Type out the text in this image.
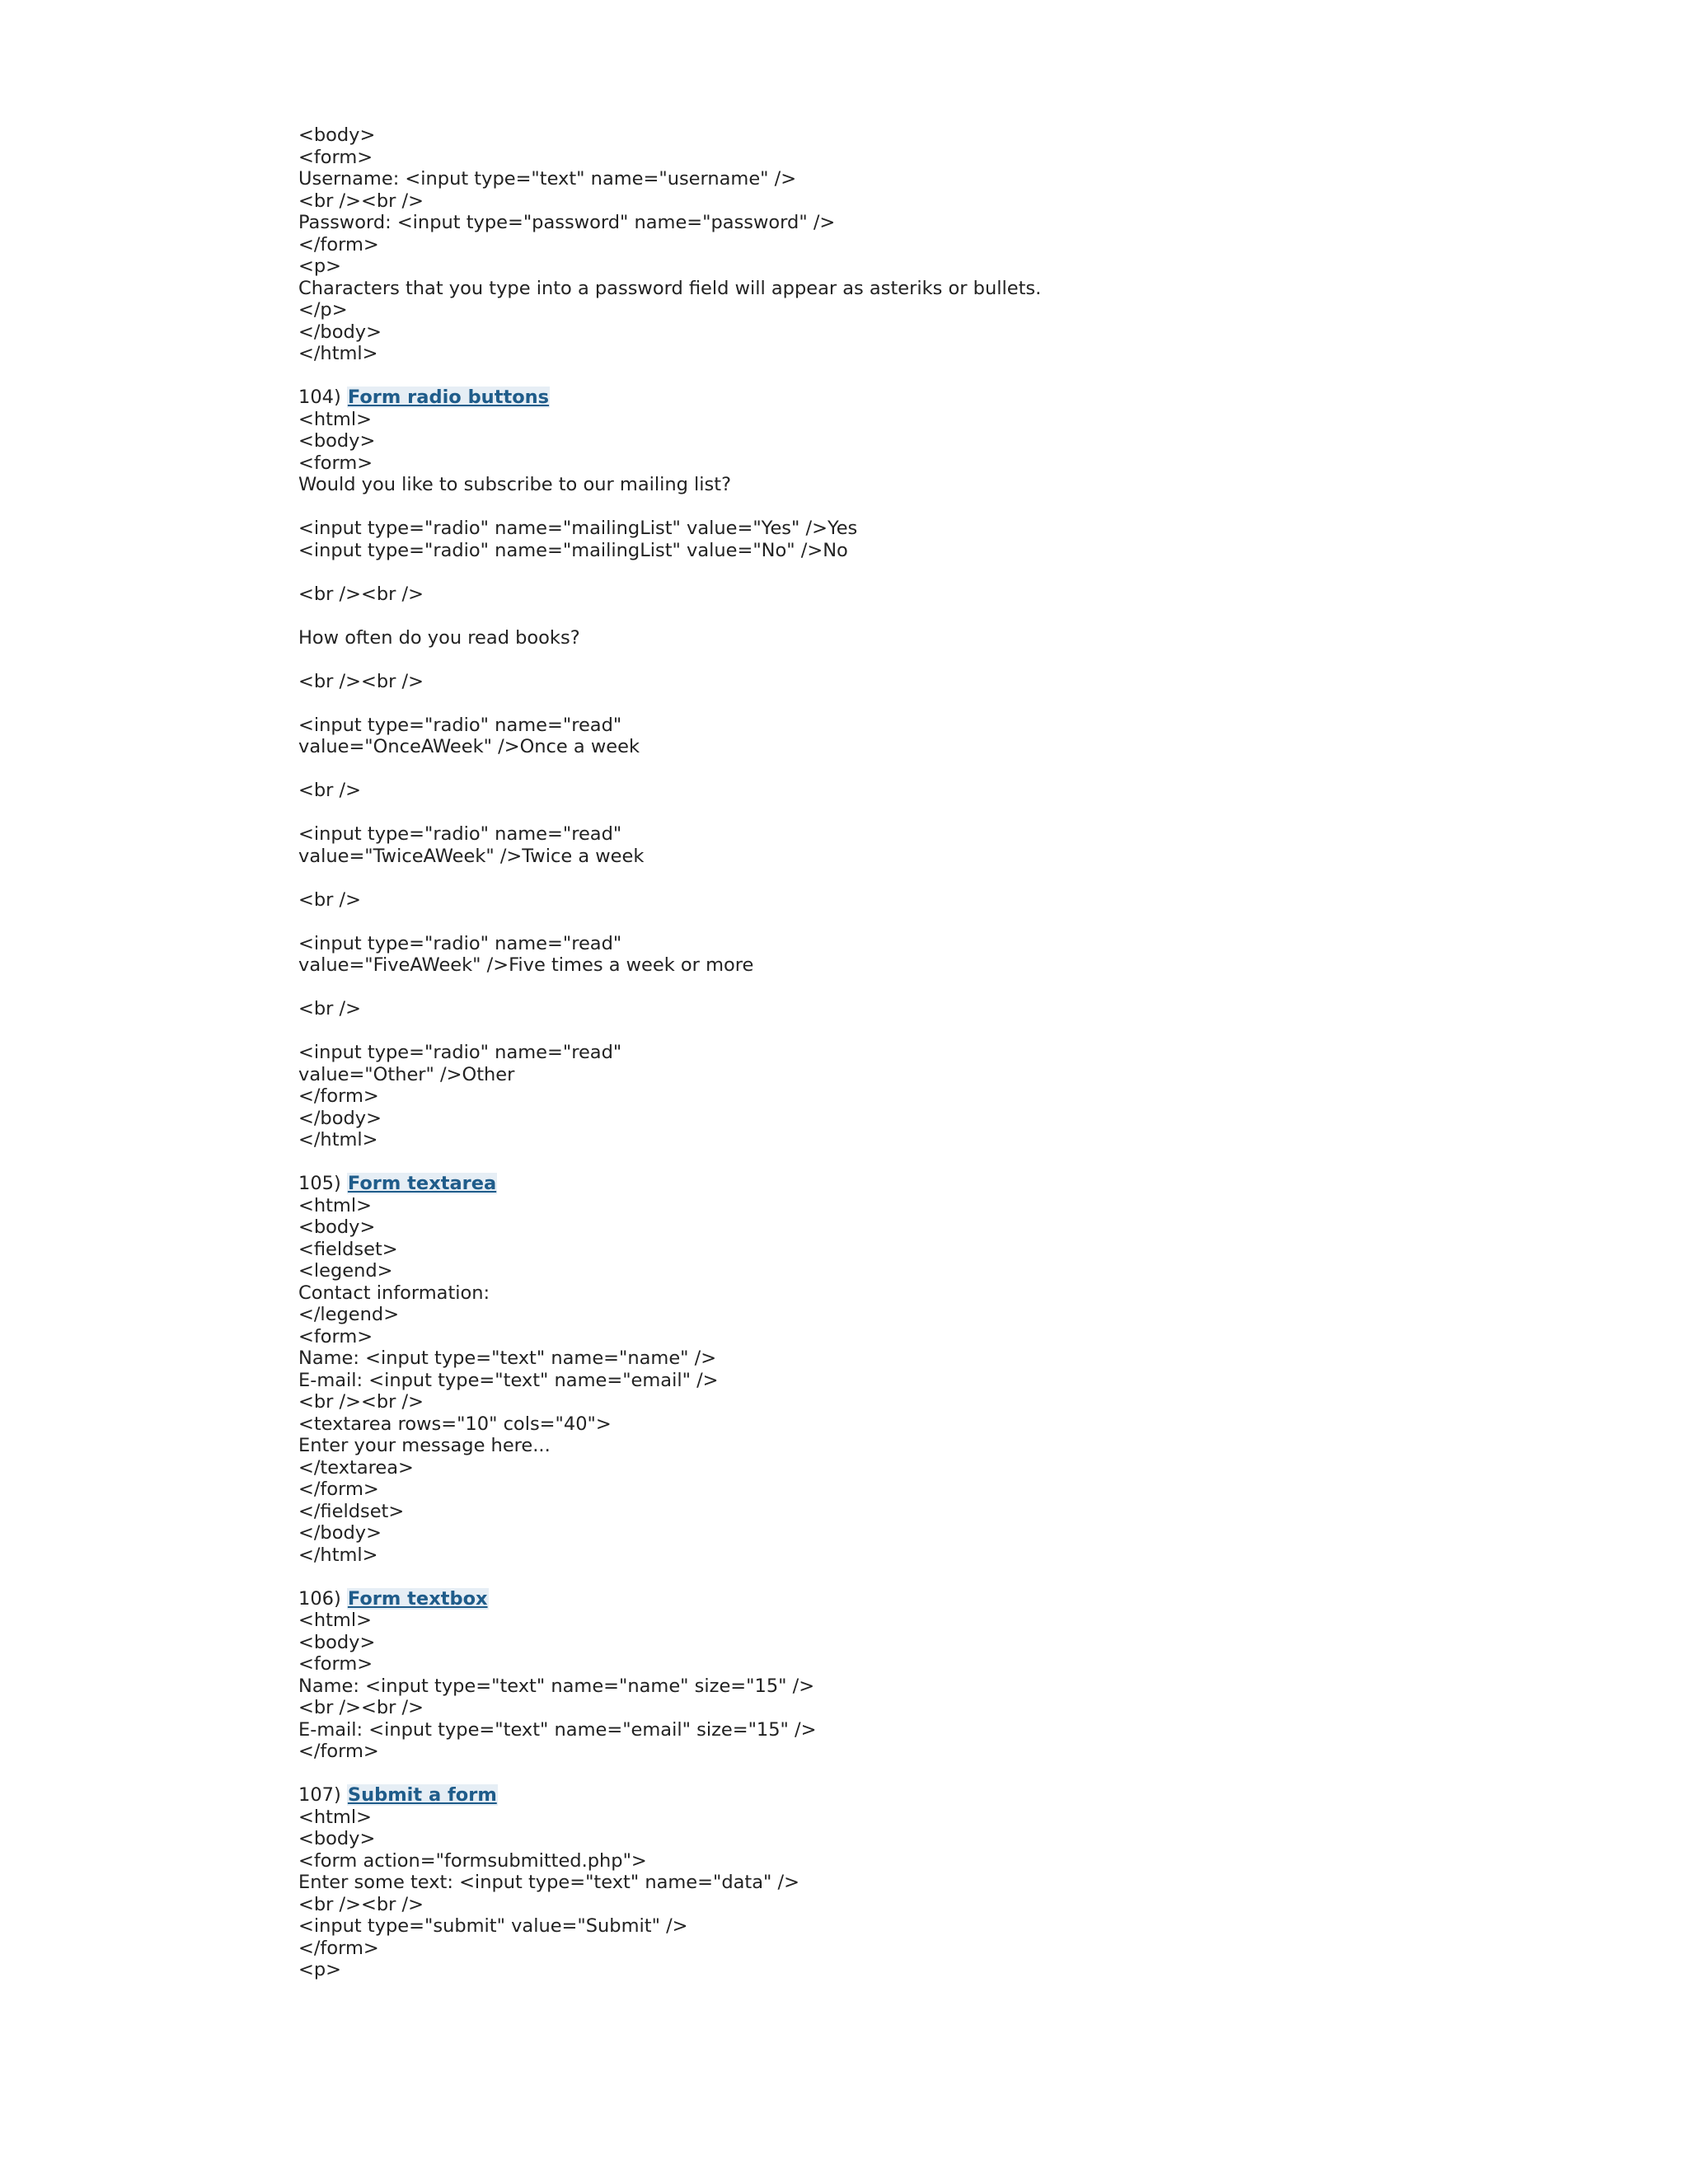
<body>
<form>
Username: <input type="text" name="username" />
<br /><br />
Password: <input type="password" name="password" />
</form>
<p>
Characters that you type into a password field will appear as asteriks or bullets.
</p>
</body>
</html>
104) Form radio buttons
<html>
<body>
<form>
Would you like to subscribe to our mailing list?
<input type="radio" name="mailingList" value="Yes" />Yes
<input type="radio" name="mailingList" value="No" />No
<br /><br />
How often do you read books?
<br /><br />
<input type="radio" name="read"
value="OnceAWeek" />Once a week
<br />
<input type="radio" name="read"
value="TwiceAWeek" />Twice a week
<br />
<input type="radio" name="read"
value="FiveAWeek" />Five times a week or more
<br />
<input type="radio" name="read"
value="Other" />Other
</form>
</body>
</html>
105) Form textarea
<html>
<body>
<fieldset>
<legend>
Contact information:
</legend>
<form>
Name: <input type="text" name="name" />
E-mail: <input type="text" name="email" />
<br /><br />
<textarea rows="10" cols="40">
Enter your message here...
</textarea>
</form>
</fieldset>
</body>
</html>
106) Form textbox
<html>
<body>
<form>
Name: <input type="text" name="name" size="15" />
<br /><br />
E-mail: <input type="text" name="email" size="15" />
</form>
107) Submit a form
<html>
<body>
<form action="formsubmitted.php">
Enter some text: <input type="text" name="data" />
<br /><br />
<input type="submit" value="Submit" />
</form>
<p>
